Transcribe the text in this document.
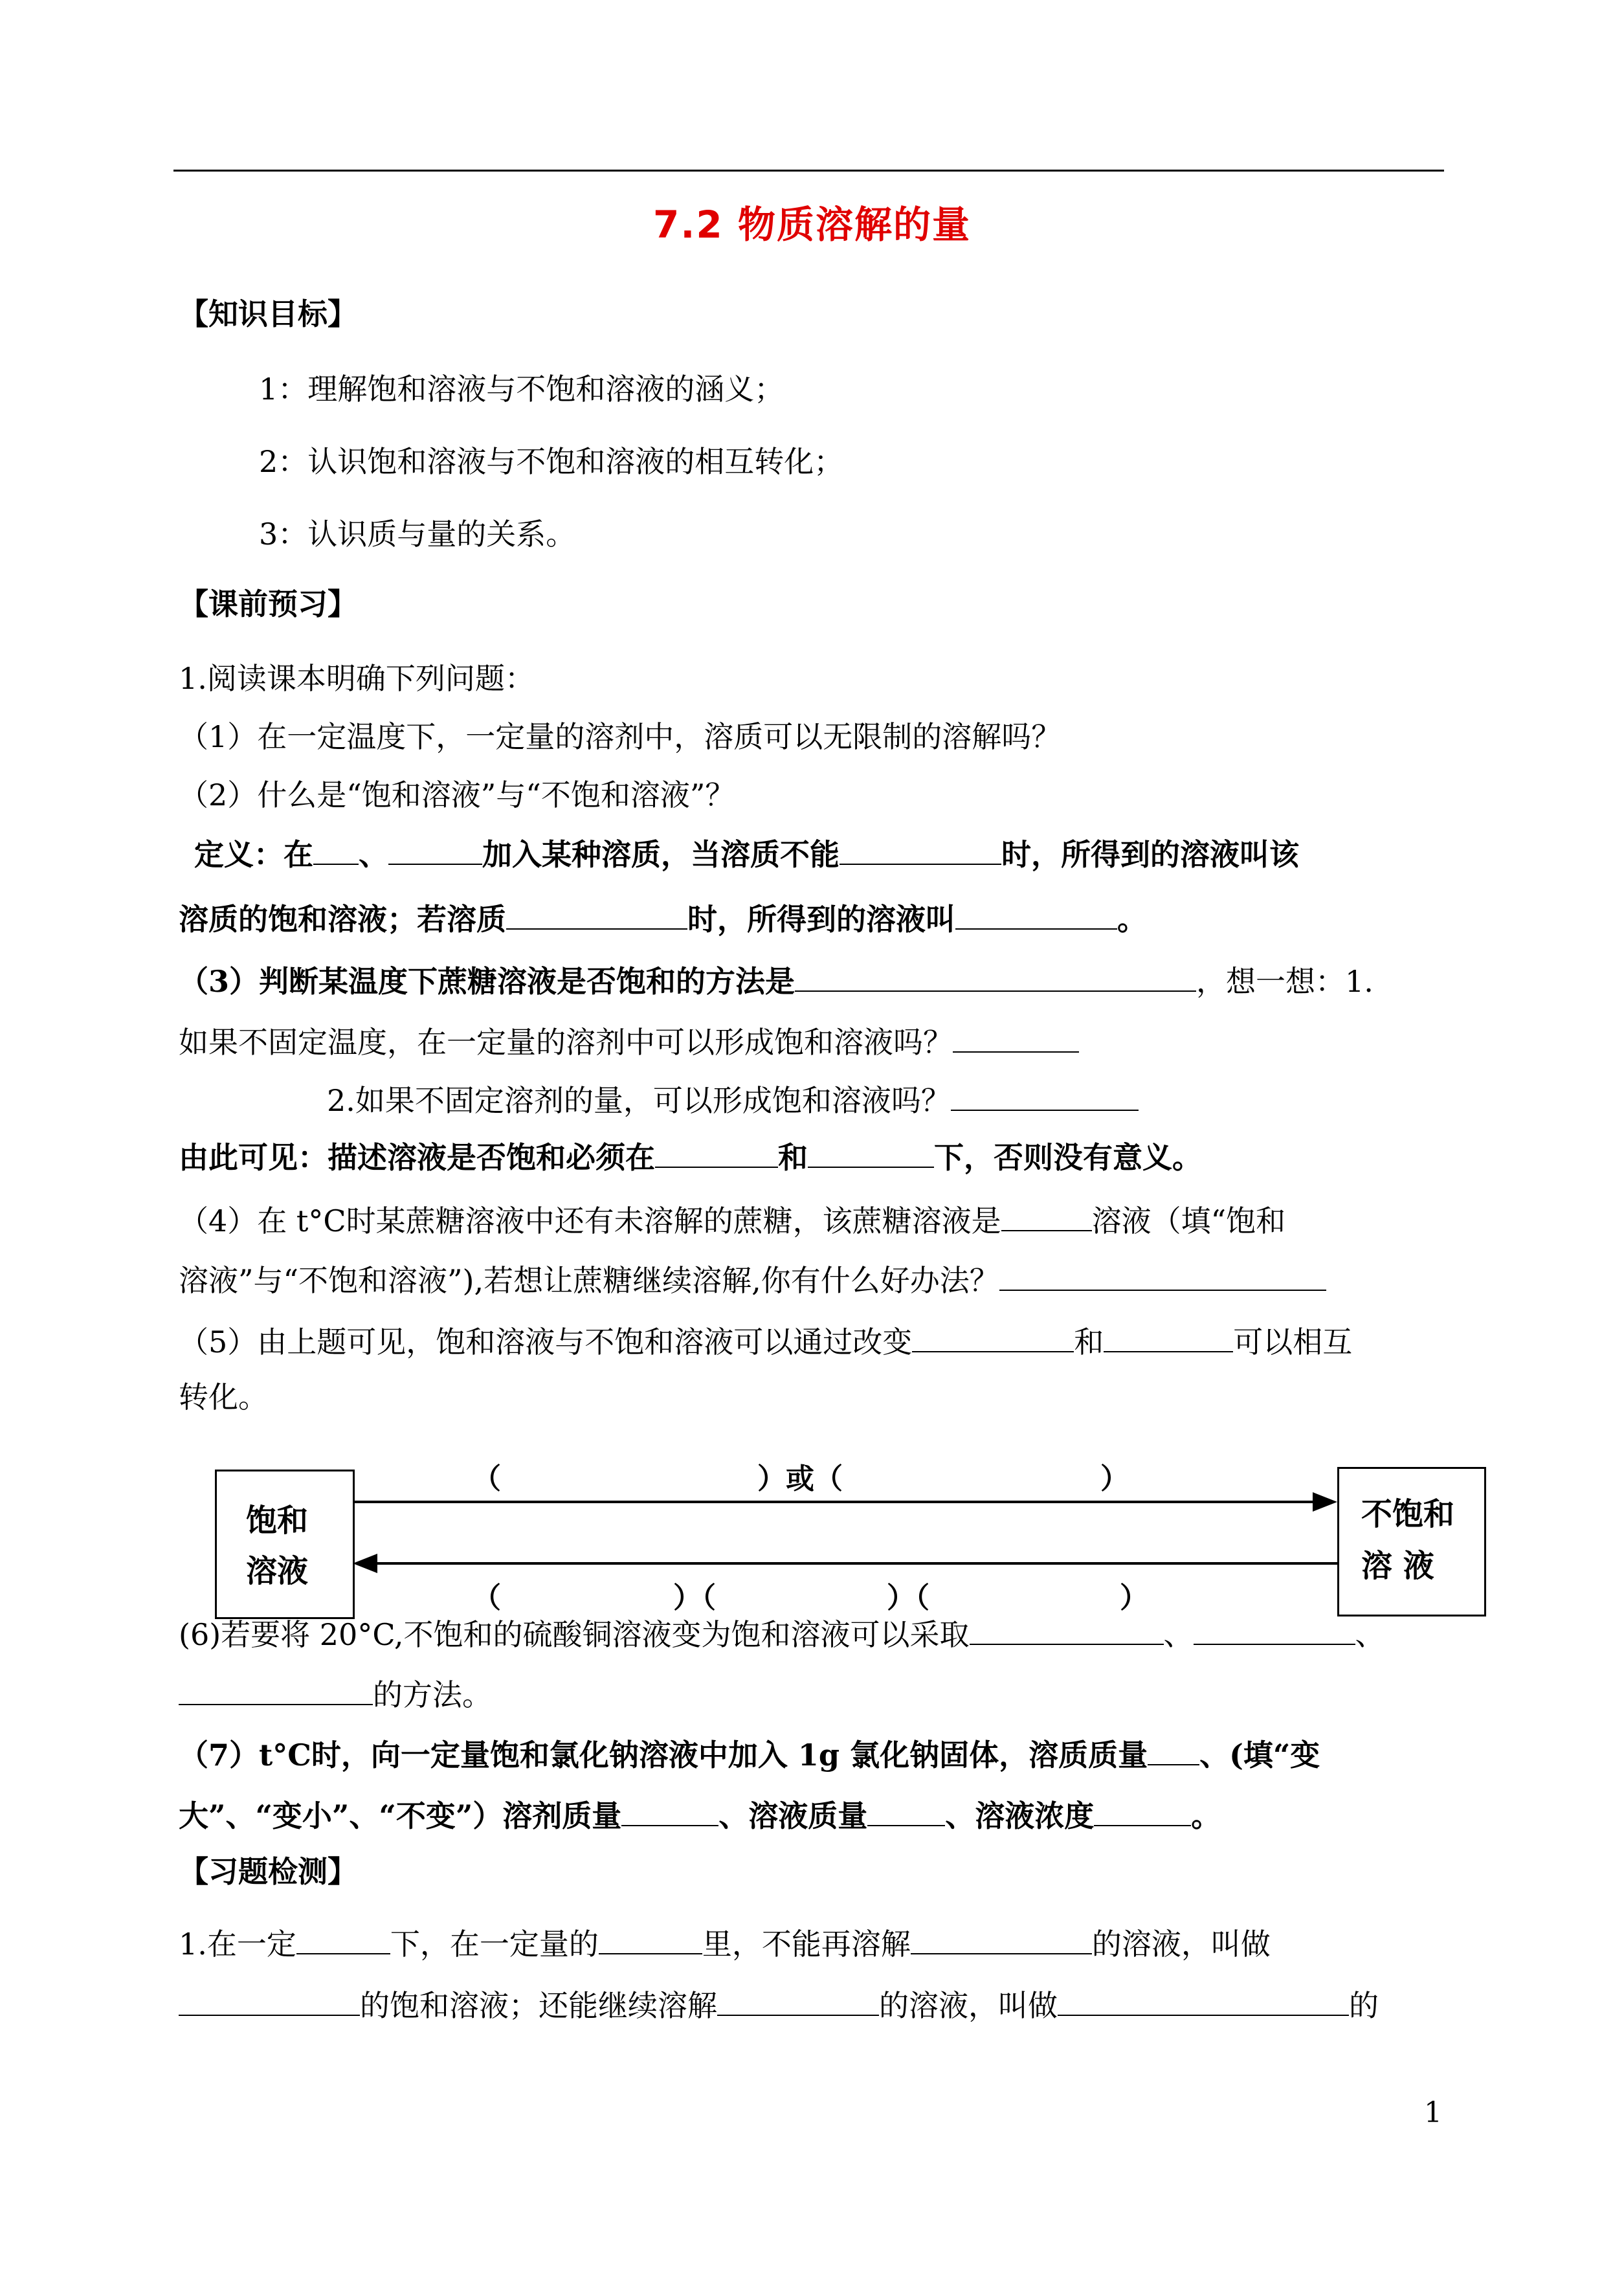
7.2 物质溶解的量
【知识目标】
1：理解饱和溶液与不饱和溶液的涵义；
2：认识饱和溶液与不饱和溶液的相互转化；
3：认识质与量的关系。
【课前预习】
1.阅读课本明确下列问题：
（1）在一定温度下，一定量的溶剂中，溶质可以无限制的溶解吗？
（2）什么是“饱和溶液”与“不饱和溶液”？
定义：在 、	加入某种溶质，当溶质不能	时，所得到的溶液叫该
溶质的饱和溶液；若溶质	时，所得到的溶液叫	。
（3）判断某温度下蔗糖溶液是否饱和的方法是	，想一想：1.
如果不固定温度，在一定量的溶剂中可以形成饱和溶液吗？
2.如果不固定溶剂的量，可以形成饱和溶液吗？
由此可见：描述溶液是否饱和必须在	和	下，否则没有意义。
（4）在 t°C时某蔗糖溶液中还有未溶解的蔗糖，该蔗糖溶液是	溶液（填“饱和
溶液”与“不饱和溶液”),若想让蔗糖继续溶解,你有什么好办法？
（5）由上题可见，饱和溶液与不饱和溶液可以通过改变	和	可以相互
转化。
饱和
溶液
不饱和
溶 液
（	）或（	）
（	）（	）（	）
(6)若要将 20°C,不饱和的硫酸铜溶液变为饱和溶液可以采取	、	、
的方法。
（7）t°C时，向一定量饱和氯化钠溶液中加入 1g 氯化钠固体，溶质质量 、(填“变
大”、“变小”、“不变”）溶剂质量	、溶液质量	、溶液浓度	。
【习题检测】
1.在一定	下，在一定量的	里，不能再溶解	的溶液，叫做
的饱和溶液；还能继续溶解	的溶液，叫做	的
1
